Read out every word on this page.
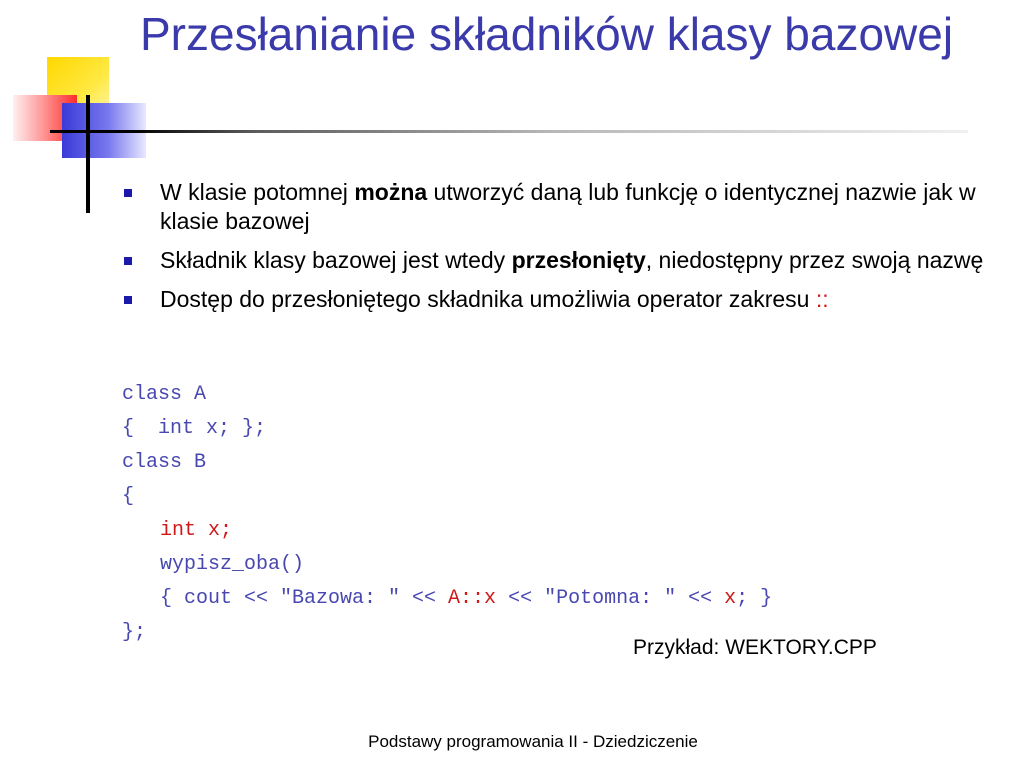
Przesłanianie składników klasy bazowej
W klasie potomnej można utworzyć daną lub funkcję o identycznej nazwie jak w klasie bazowej
Składnik klasy bazowej jest wtedy przesłonięty, niedostępny przez swoją nazwę
Dostęp do przesłoniętego składnika umożliwia operator zakresu ::
class A
{  int x; };
class B
{
int x;
wypisz_oba()
{ cout << "Bazowa: " << A::x << "Potomna: " << x; }
};
Przykład: WEKTORY.CPP
Podstawy programowania II - Dziedziczenie
